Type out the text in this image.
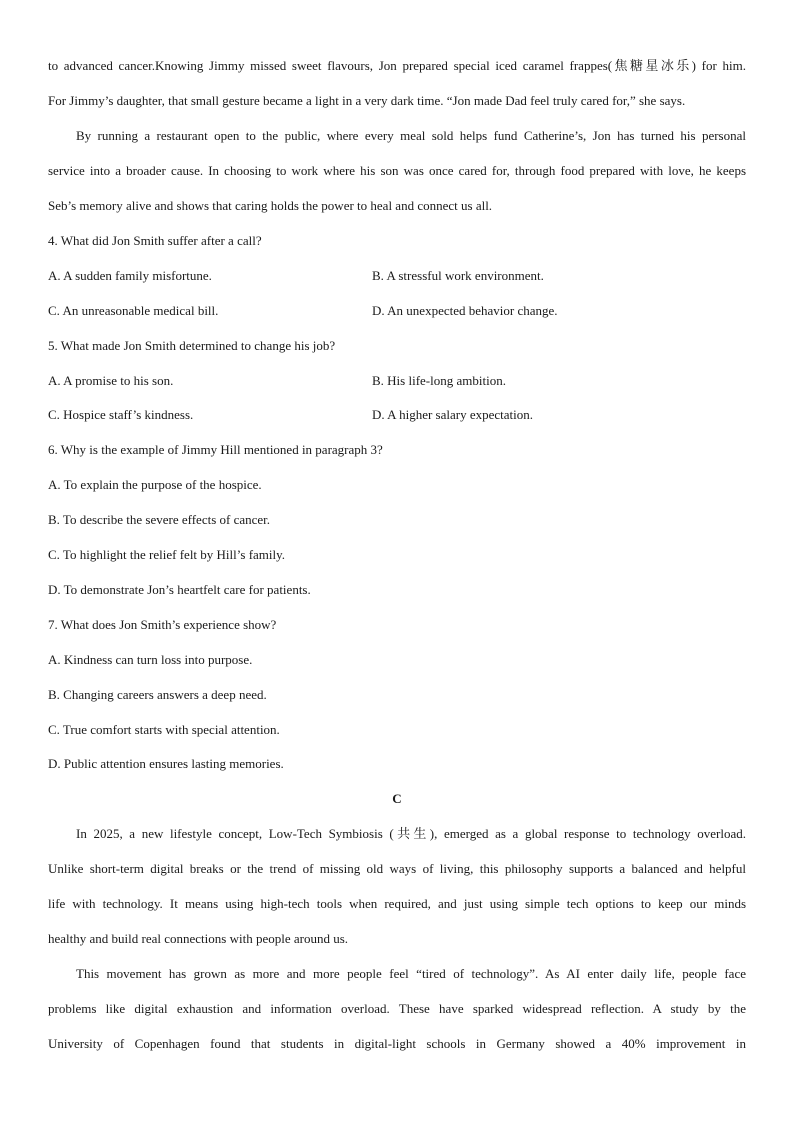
to advanced cancer.Knowing Jimmy missed sweet flavours, Jon prepared special iced caramel frappes(焦糖星冰乐) for him.
For Jimmy’s daughter, that small gesture became a light in a very dark time. “Jon made Dad feel truly cared for,” she says.
By running a restaurant open to the public, where every meal sold helps fund Catherine’s, Jon has turned his personal
service into a broader cause. In choosing to work where his son was once cared for, through food prepared with love, he keeps
Seb’s memory alive and shows that caring holds the power to heal and connect us all.
4. What did Jon Smith suffer after a call?
A. A sudden family misfortune.	B. A stressful work environment.
C. An unreasonable medical bill.	D. An unexpected behavior change.
5. What made Jon Smith determined to change his job?
A. A promise to his son.	B. His life-long ambition.
C. Hospice staff’s kindness.	D. A higher salary expectation.
6. Why is the example of Jimmy Hill mentioned in paragraph 3?
A. To explain the purpose of the hospice.
B. To describe the severe effects of cancer.
C. To highlight the relief felt by Hill’s family.
D. To demonstrate Jon’s heartfelt care for patients.
7. What does Jon Smith’s experience show?
A. Kindness can turn loss into purpose.
B. Changing careers answers a deep need.
C. True comfort starts with special attention.
D. Public attention ensures lasting memories.
C
In 2025, a new lifestyle concept, Low-Tech Symbiosis (共生), emerged as a global response to technology overload.
Unlike short-term digital breaks or the trend of missing old ways of living, this philosophy supports a balanced and helpful
life with technology. It means using high-tech tools when required, and just using simple tech options to keep our minds
healthy and build real connections with people around us.
This movement has grown as more and more people feel “tired of technology”. As AI enter daily life, people face
problems like digital exhaustion and information overload. These have sparked widespread reflection. A study by the
University of Copenhagen found that students in digital-light schools in Germany showed a 40% improvement in
